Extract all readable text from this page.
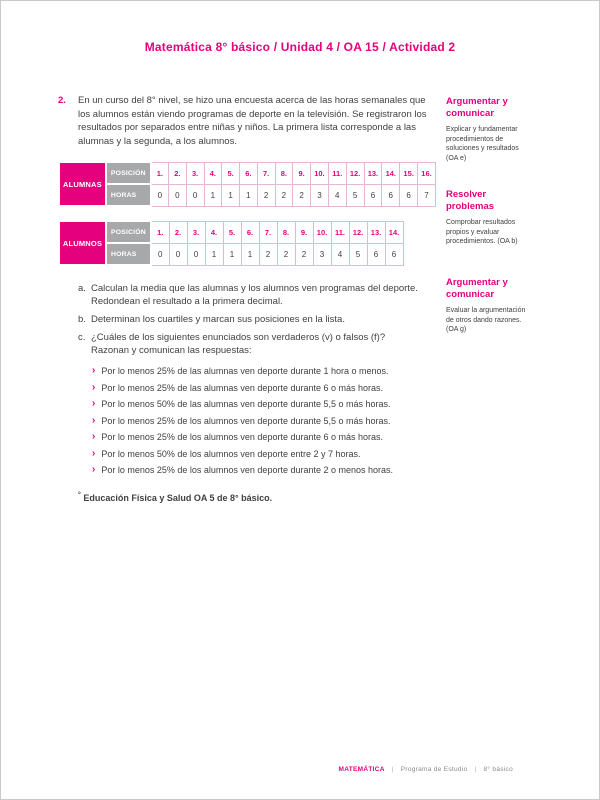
Matemática 8° básico / Unidad 4 / OA 15 / Actividad 2
2.	En un curso del 8° nivel, se hizo una encuesta acerca de las horas semanales que los alumnos están viendo programas de deporte en la televisión. Se registraron los resultados por separados entre niñas y niños. La primera lista corresponde a las alumnas y la segunda, a los alumnos.

ALUMNAS	POSICIÓN	1.	2.	3.	4.	5.	6.	7.	8.	9.	10.	11.	12.	13.	14.	15.	16.
	HORAS	0	0	0	1	1	1	2	2	2	3	4	5	6	6	6	7
ALUMNOS	POSICIÓN	1.	2.	3.	4.	5.	6.	7.	8.	9.	10.	11.	12.	13.	14.
	HORAS	0	0	0	1	1	1	2	2	2	3	4	5	6	6
a. Calculan la media que las alumnas y los alumnos ven programas del deporte. Redondean el resultado a la primera decimal.
b. Determinan los cuartiles y marcan sus posiciones en la lista.
c. ¿Cuáles de los siguientes enunciados son verdaderos (v) o falsos (f)? Razonan y comunican las respuestas:
› Por lo menos 25% de las alumnas ven deporte durante 1 hora o menos.
› Por lo menos 25% de las alumnas ven deporte durante 6 o más horas.
› Por lo menos 50% de las alumnas ven deporte durante 5,5 o más horas.
› Por lo menos 25% de los alumnos ven deporte durante 5,5 o más horas.
› Por lo menos 25% de los alumnos ven deporte durante 6 o más horas.
› Por lo menos 50% de los alumnos ven deporte entre 2 y 7 horas.
› Por lo menos 25% de los alumnos ven deporte durante 2 o menos horas.

° Educación Física y Salud OA 5 de 8° básico.

Argumentar y comunicar
Explicar y fundamentar procedimientos de soluciones y resultados (OA e)
Resolver problemas
Comprobar resultados propios y evaluar procedimientos. (OA b)
Argumentar y comunicar
Evaluar la argumentación de otros dando razones. (OA g)
MATEMÁTICA | Programa de Estudio | 8° básico
